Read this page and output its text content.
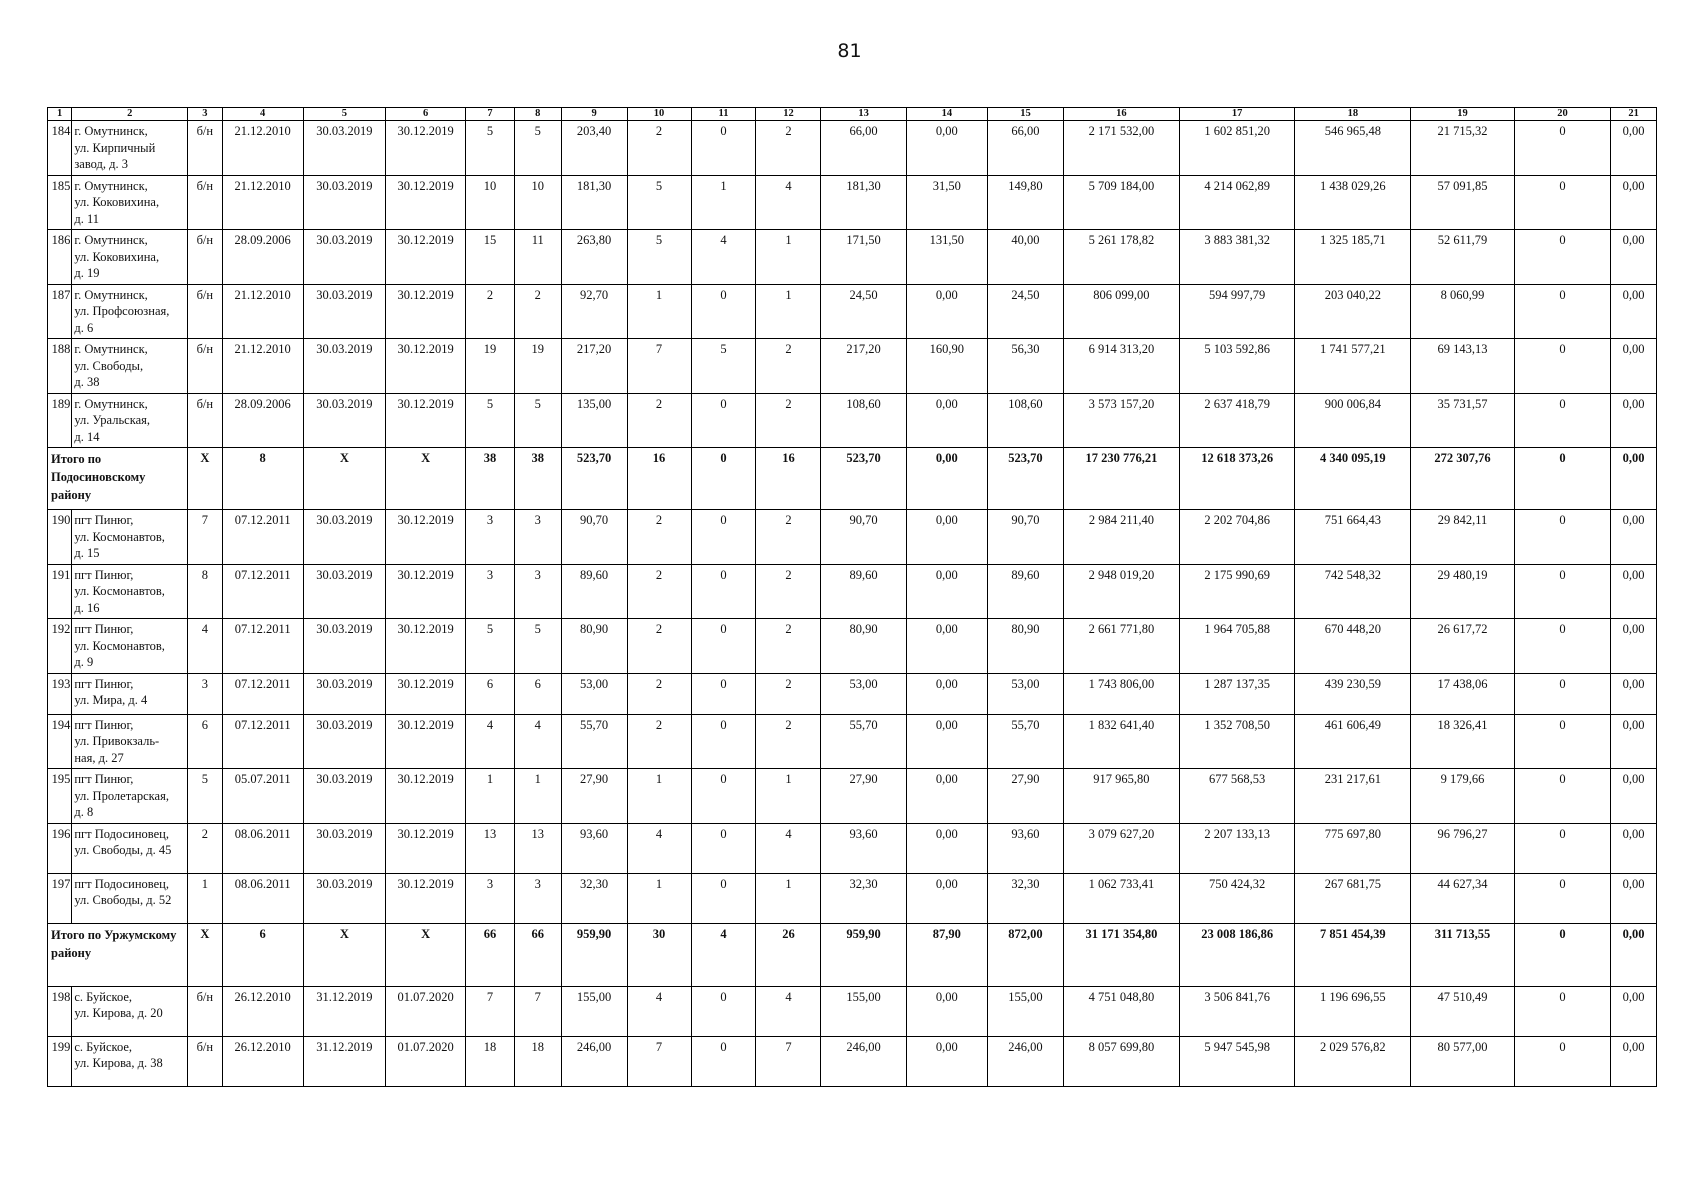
81
1	2	3	4	5	6	7	8	9	10	11	12	13	14	15	16	17	18	19	20	21
184	г. Омутнинск,
ул. Кирпичный
завод, д. 3	б/н	21.12.2010	30.03.2019	30.12.2019	5	5	203,40	2	0	2	66,00	0,00	66,00	2 171 532,00	1 602 851,20	546 965,48	21 715,32	0	0,00
185	г. Омутнинск,
ул. Коковихина,
д. 11	б/н	21.12.2010	30.03.2019	30.12.2019	10	10	181,30	5	1	4	181,30	31,50	149,80	5 709 184,00	4 214 062,89	1 438 029,26	57 091,85	0	0,00
186	г. Омутнинск,
ул. Коковихина,
д. 19	б/н	28.09.2006	30.03.2019	30.12.2019	15	11	263,80	5	4	1	171,50	131,50	40,00	5 261 178,82	3 883 381,32	1 325 185,71	52 611,79	0	0,00
187	г. Омутнинск,
ул. Профсоюзная,
д. 6	б/н	21.12.2010	30.03.2019	30.12.2019	2	2	92,70	1	0	1	24,50	0,00	24,50	806 099,00	594 997,79	203 040,22	8 060,99	0	0,00
188	г. Омутнинск,
ул. Свободы,
д. 38	б/н	21.12.2010	30.03.2019	30.12.2019	19	19	217,20	7	5	2	217,20	160,90	56,30	6 914 313,20	5 103 592,86	1 741 577,21	69 143,13	0	0,00
189	г. Омутнинск,
ул. Уральская,
д. 14	б/н	28.09.2006	30.03.2019	30.12.2019	5	5	135,00	2	0	2	108,60	0,00	108,60	3 573 157,20	2 637 418,79	900 006,84	35 731,57	0	0,00

Итого по
Подосиновскому
району		X	8	X	X	38	38	523,70	16	0	16	523,70	0,00	523,70	17 230 776,21	12 618 373,26	4 340 095,19	272 307,76	0	0,00
190	пгт Пинюг,
ул. Космонавтов,
д. 15	7	07.12.2011	30.03.2019	30.12.2019	3	3	90,70	2	0	2	90,70	0,00	90,70	2 984 211,40	2 202 704,86	751 664,43	29 842,11	0	0,00
191	пгт Пинюг,
ул. Космонавтов,
д. 16	8	07.12.2011	30.03.2019	30.12.2019	3	3	89,60	2	0	2	89,60	0,00	89,60	2 948 019,20	2 175 990,69	742 548,32	29 480,19	0	0,00
192	пгт Пинюг,
ул. Космонавтов,
д. 9	4	07.12.2011	30.03.2019	30.12.2019	5	5	80,90	2	0	2	80,90	0,00	80,90	2 661 771,80	1 964 705,88	670 448,20	26 617,72	0	0,00
193	пгт Пинюг,
ул. Мира, д. 4	3	07.12.2011	30.03.2019	30.12.2019	6	6	53,00	2	0	2	53,00	0,00	53,00	1 743 806,00	1 287 137,35	439 230,59	17 438,06	0	0,00
194	пгт Пинюг,
ул. Привокзаль-
ная, д. 27	6	07.12.2011	30.03.2019	30.12.2019	4	4	55,70	2	0	2	55,70	0,00	55,70	1 832 641,40	1 352 708,50	461 606,49	18 326,41	0	0,00
195	пгт Пинюг,
ул. Пролетарская,
д. 8	5	05.07.2011	30.03.2019	30.12.2019	1	1	27,90	1	0	1	27,90	0,00	27,90	917 965,80	677 568,53	231 217,61	9 179,66	0	0,00
196	пгт Подосиновец,
ул. Свободы, д. 45	2	08.06.2011	30.03.2019	30.12.2019	13	13	93,60	4	0	4	93,60	0,00	93,60	3 079 627,20	2 207 133,13	775 697,80	96 796,27	0	0,00
197	пгт Подосиновец,
ул. Свободы, д. 52	1	08.06.2011	30.03.2019	30.12.2019	3	3	32,30	1	0	1	32,30	0,00	32,30	1 062 733,41	750 424,32	267 681,75	44 627,34	0	0,00

Итого по Уржумскому
району		X	6	X	X	66	66	959,90	30	4	26	959,90	87,90	872,00	31 171 354,80	23 008 186,86	7 851 454,39	311 713,55	0	0,00
198	с. Буйское,
ул. Кирова, д. 20	б/н	26.12.2010	31.12.2019	01.07.2020	7	7	155,00	4	0	4	155,00	0,00	155,00	4 751 048,80	3 506 841,76	1 196 696,55	47 510,49	0	0,00
199	с. Буйское,
ул. Кирова, д. 38	б/н	26.12.2010	31.12.2019	01.07.2020	18	18	246,00	7	0	7	246,00	0,00	246,00	8 057 699,80	5 947 545,98	2 029 576,82	80 577,00	0	0,00
